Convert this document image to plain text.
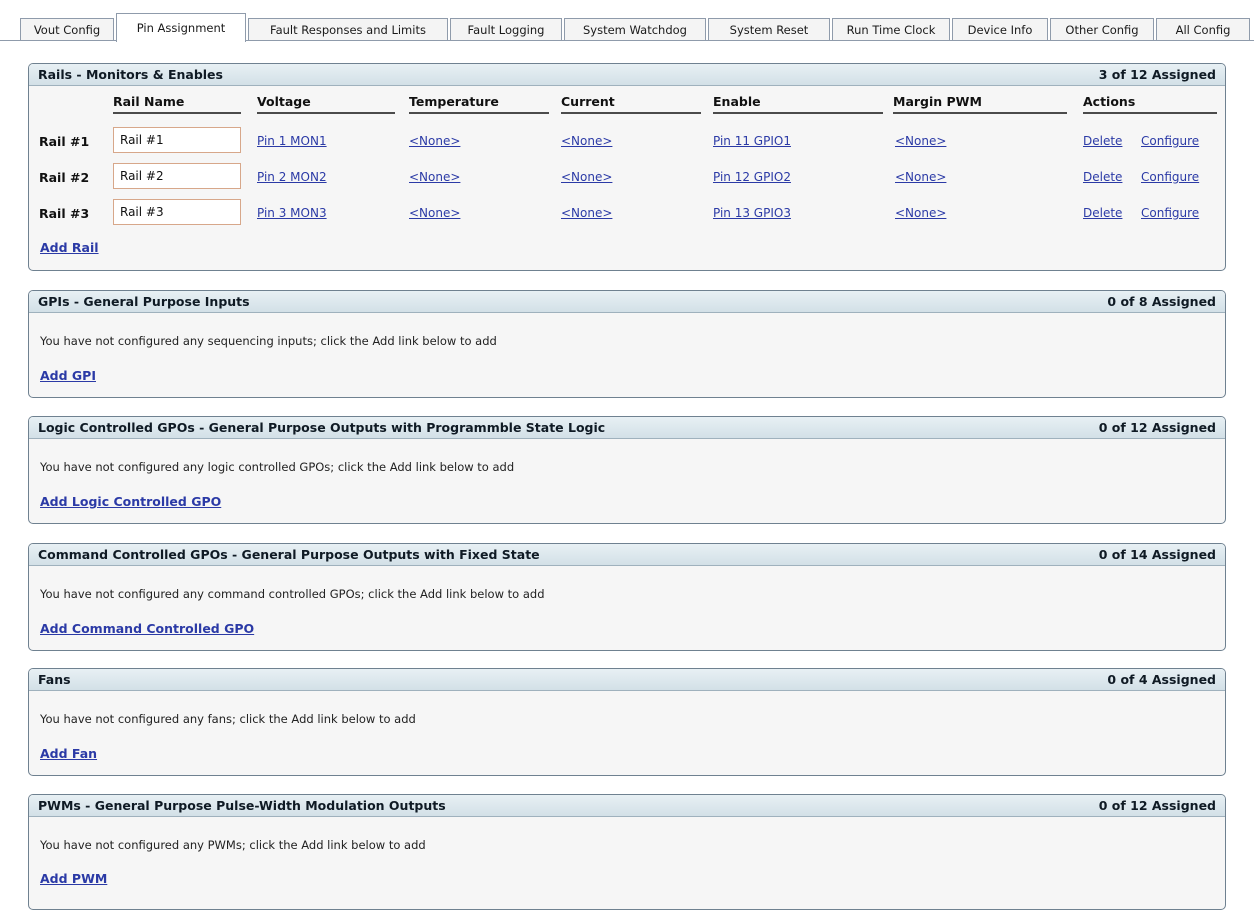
Vout Config	Pin Assignment	Fault Responses and Limits	Fault Logging	System Watchdog	System Reset	Run Time Clock	Device Info	Other Config	All Config
Rails - Monitors & Enables	3 of 12 Assigned
Rail Name	Voltage	Temperature	Current	Enable	Margin PWM	Actions
Rail #1
Rail #1	Pin 1 MON1	<None>	<None>	Pin 11 GPIO1	<None>	Delete Configure
Rail #2
Rail #2	Pin 2 MON2	<None>	<None>	Pin 12 GPIO2	<None>	Delete Configure
Rail #3
Rail #3	Pin 3 MON3	<None>	<None>	Pin 13 GPIO3	<None>	Delete Configure
Add Rail
GPIs - General Purpose Inputs	0 of 8 Assigned
You have not configured any sequencing inputs; click the Add link below to add
Add GPI
Logic Controlled GPOs - General Purpose Outputs with Programmble State Logic	0 of 12 Assigned
You have not configured any logic controlled GPOs; click the Add link below to add
Add Logic Controlled GPO
Command Controlled GPOs - General Purpose Outputs with Fixed State	0 of 14 Assigned
You have not configured any command controlled GPOs; click the Add link below to add
Add Command Controlled GPO
Fans	0 of 4 Assigned
You have not configured any fans; click the Add link below to add
Add Fan
PWMs - General Purpose Pulse-Width Modulation Outputs	0 of 12 Assigned
You have not configured any PWMs; click the Add link below to add
Add PWM
